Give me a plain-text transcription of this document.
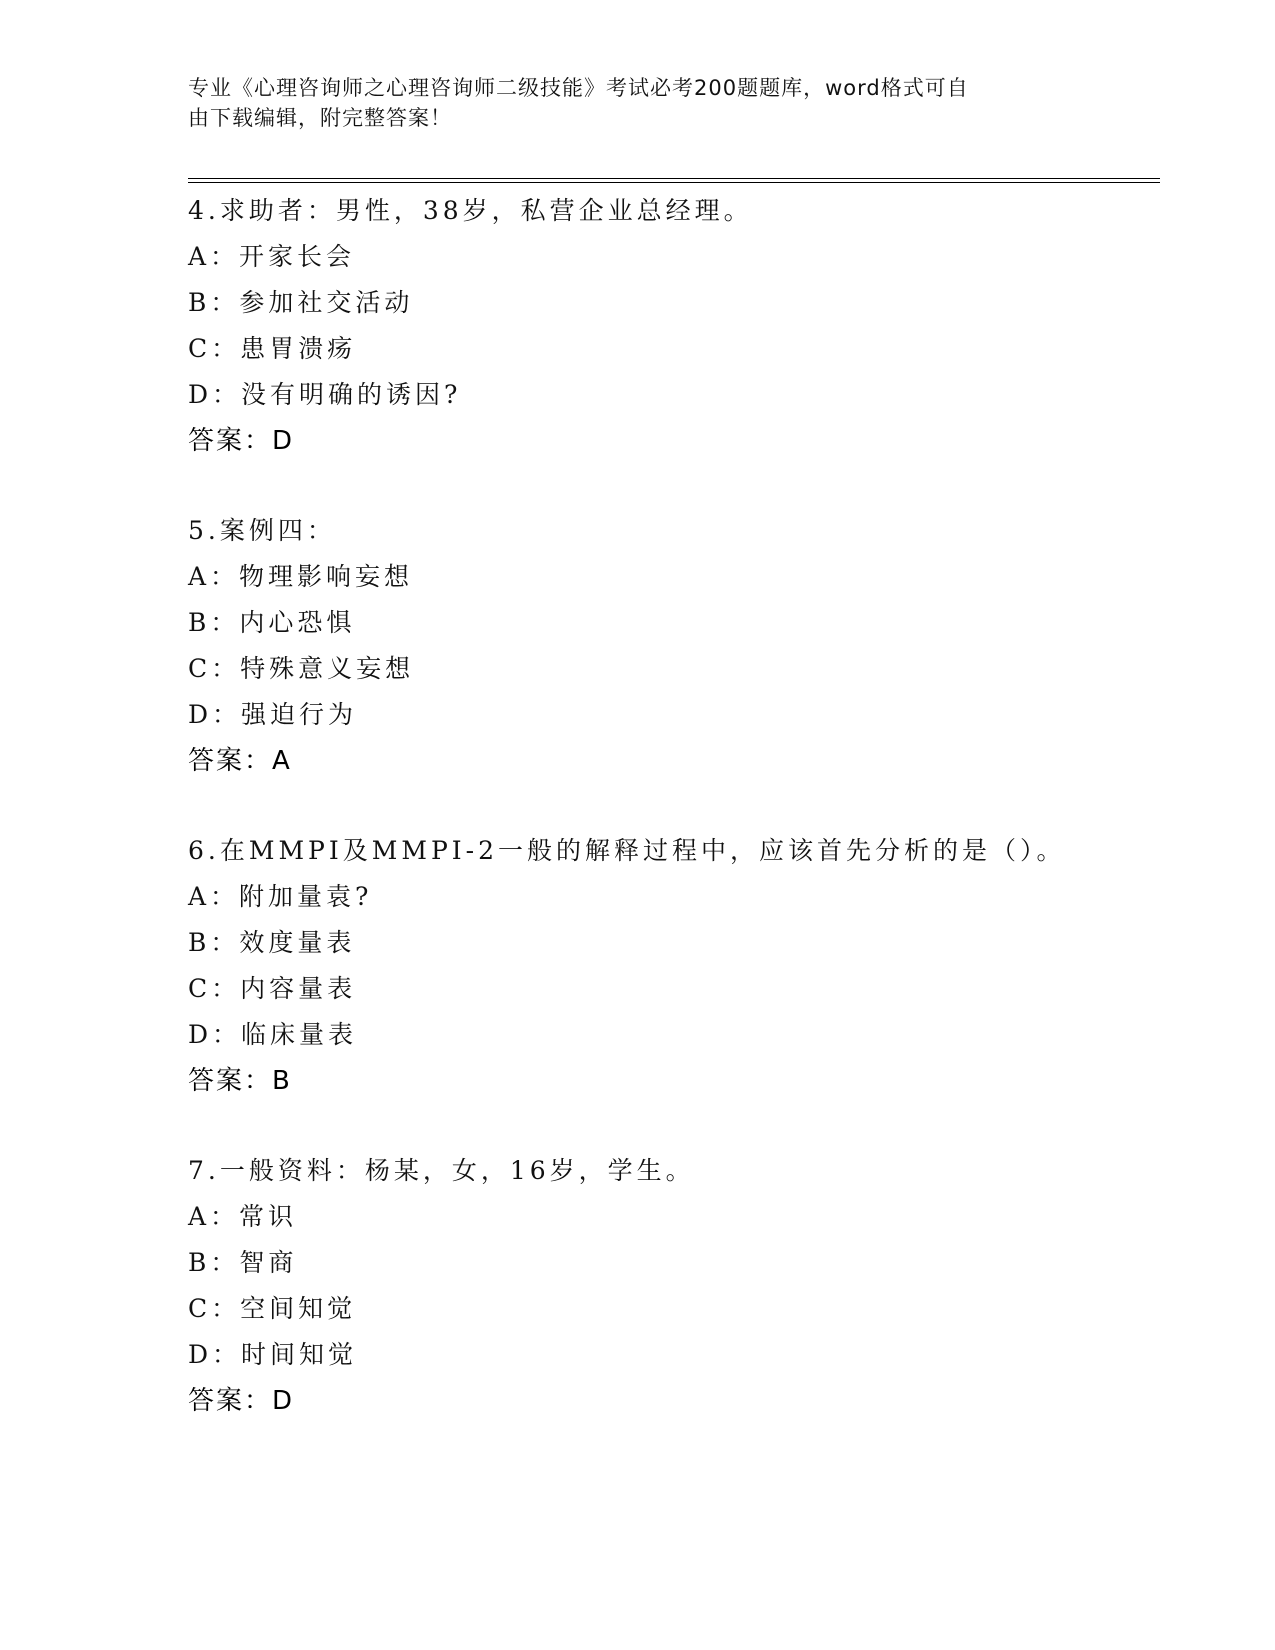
专业《心理咨询师之心理咨询师二级技能》考试必考200题题库，word格式可自
由下载编辑，附完整答案！
4.求助者：男性，38岁，私营企业总经理。
A：开家长会
B：参加社交活动
C：患胃溃疡
D：没有明确的诱因?
答案：D
5.案例四：
A：物理影响妄想
B：内心恐惧
C：特殊意义妄想
D：强迫行为
答案：A
6.在MMPI及MMPI-2一般的解释过程中，应该首先分析的是（）。
A：附加量袁?
B：效度量表
C：内容量表
D：临床量表
答案：B
7.一般资料：杨某，女，16岁，学生。
A：常识
B：智商
C：空间知觉
D：时间知觉
答案：D
